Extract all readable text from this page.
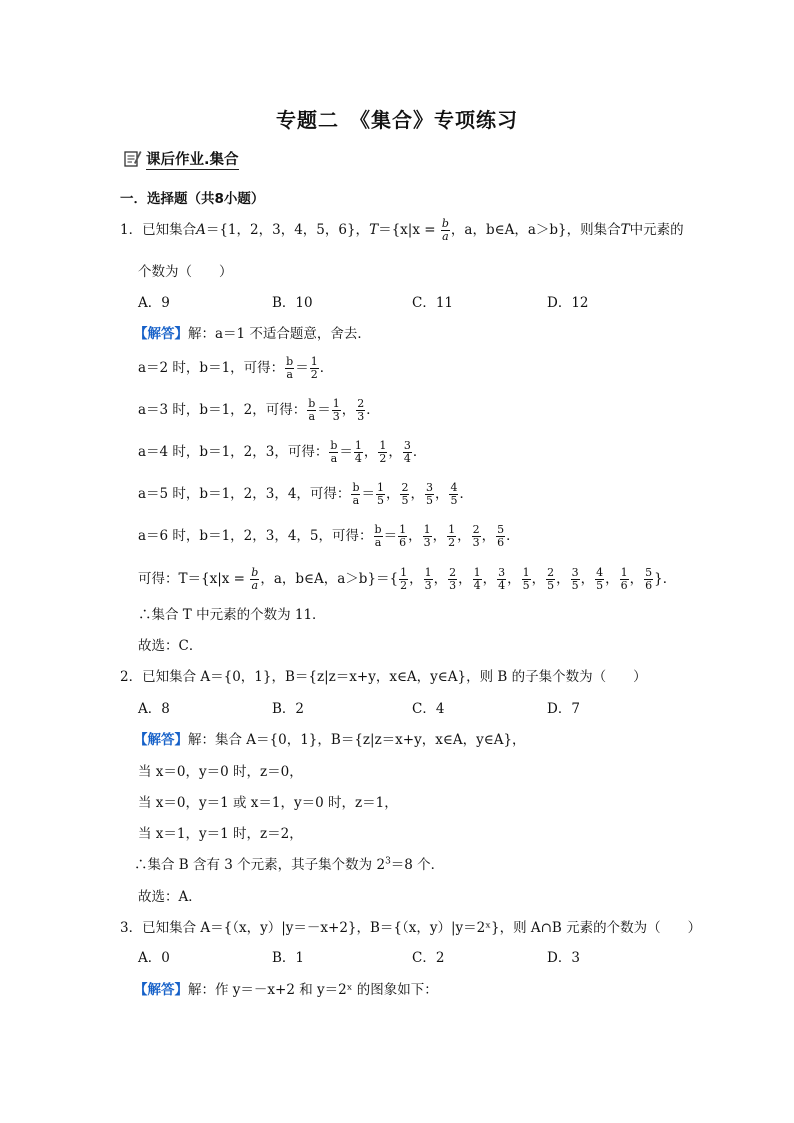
专题二　《集合》专项练习
课后作业.集合
一．选择题（共8小题）
1．已知集合A＝{1，2，3，4，5，6}，$T=\{x|x = \frac{b}{a}$ ，a，b∈A，a＞b}，则集合T中元素的
个数为（　　）
A．9	B．10	C．11	D．12
【解答】解：a＝1 不适合题意，舍去．
a＝2 时，b＝1，可得： $\frac{b}{a} = \frac{1}{2}$ ．
a＝3 时，b＝1，2，可得： $\frac{b}{a} = \frac{1}{3}$ ， $\frac{2}{3}$ ．
a＝4 时，b＝1，2，3，可得： $\frac{b}{a} = \frac{1}{4}$ ， $\frac{1}{2}$ ， $\frac{3}{4}$ ．
a＝5 时，b＝1，2，3，4，可得： $\frac{b}{a} = \frac{1}{5}$ ， $\frac{2}{5}$ ， $\frac{3}{5}$ ， $\frac{4}{5}$ ．
a＝6 时，b＝1，2，3，4，5，可得： $\frac{b}{a} = \frac{1}{6}$ ， $\frac{1}{3}$ ， $\frac{1}{2}$ ， $\frac{2}{3}$ ， $\frac{5}{6}$ ．
可得：$T=\{x|x = \frac{b}{a}$ ，a，b∈A，$a>b\}=\{ \frac{1}{2}$ ， $\frac{1}{3}$ ， $\frac{2}{3}$ ， $\frac{1}{4}$ ， $\frac{3}{4}$ ， $\frac{1}{5}$ ， $\frac{2}{5}$ ， $\frac{3}{5}$ ， $\frac{4}{5}$ ， $\frac{1}{6}$ ， $\frac{5}{6}$ }．
∴集合 T 中元素的个数为 11．
故选：C．
2．已知集合 A＝{0，1}，B＝{z|z＝x+y，x∈A，y∈A}，则 B 的子集个数为（　　）
A．8	B．2	C．4	D．7
【解答】解：集合 A＝{0，1}，B＝{z|z＝x+y，x∈A，y∈A}，
当 x＝0，y＝0 时，z＝0，
当 x＝0，y＝1 或 x＝1，y＝0 时，z＝1，
当 x＝1，y＝1 时，z＝2，
∴集合 B 含有 3 个元素，其子集个数为 $2^3=8$ 个．
故选：A．
3．已知集合 A＝{（x，y）|y＝－x+2}，B＝{（x，y）|y＝2ˣ}，则 A∩B 元素的个数为（　　）
A．0	B．1	C．2	D．3
【解答】解：作 y＝－x+2 和 y＝2ˣ 的图象如下：
